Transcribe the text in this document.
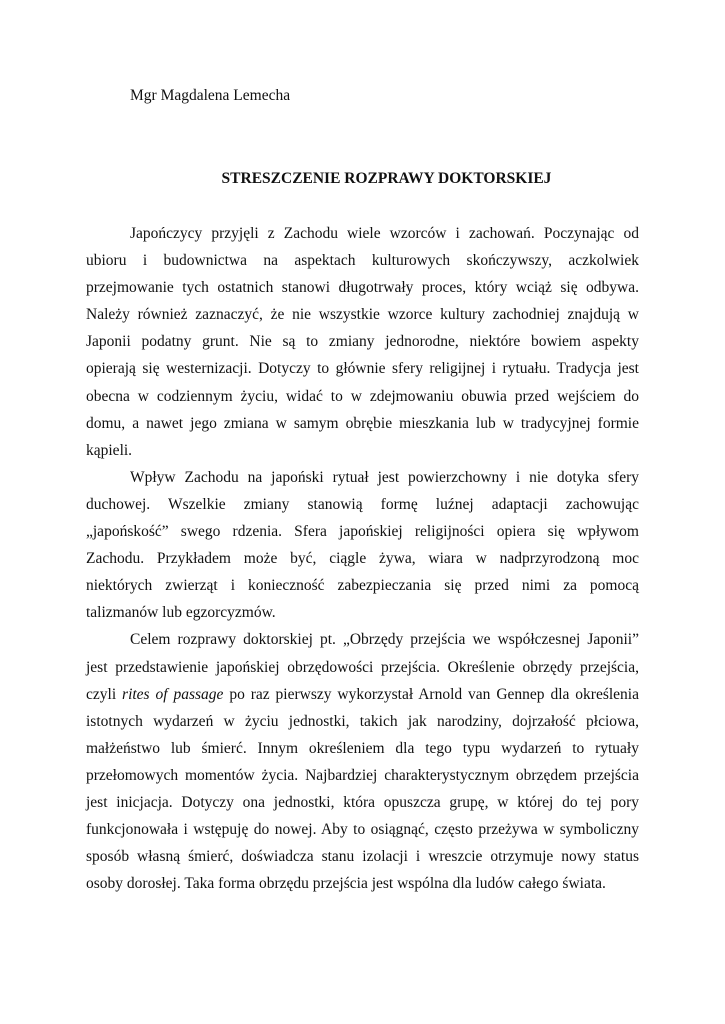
Mgr Magdalena Lemecha

STRESZCZENIE ROZPRAWY DOKTORSKIEJ

Japończycy przyjęli z Zachodu wiele wzorców i zachowań. Poczynając od
ubioru i budownictwa na aspektach kulturowych skończywszy, aczkolwiek
przejmowanie tych ostatnich stanowi długotrwały proces, który wciąż się odbywa.
Należy również zaznaczyć, że nie wszystkie wzorce kultury zachodniej znajdują w
Japonii podatny grunt. Nie są to zmiany jednorodne, niektóre bowiem aspekty
opierają się westernizacji. Dotyczy to głównie sfery religijnej i rytuału. Tradycja jest
obecna w codziennym życiu, widać to w zdejmowaniu obuwia przed wejściem do
domu, a nawet jego zmiana w samym obrębie mieszkania lub w tradycyjnej formie
kąpieli.

Wpływ Zachodu na japoński rytuał jest powierzchowny i nie dotyka sfery
duchowej. Wszelkie zmiany stanowią formę luźnej adaptacji zachowując
„japońskość” swego rdzenia. Sfera japońskiej religijności opiera się wpływom
Zachodu. Przykładem może być, ciągle żywa, wiara w nadprzyrodzoną moc
niektórych zwierząt i konieczność zabezpieczania się przed nimi za pomocą
talizmanów lub egzorcyzmów.

Celem rozprawy doktorskiej pt. „Obrzędy przejścia we współczesnej Japonii”
jest przedstawienie japońskiej obrzędowości przejścia. Określenie obrzędy przejścia,
czyli rites of passage po raz pierwszy wykorzystał Arnold van Gennep dla określenia
istotnych wydarzeń w życiu jednostki, takich jak narodziny, dojrzałość płciowa,
małżeństwo lub śmierć. Innym określeniem dla tego typu wydarzeń to rytuały
przełomowych momentów życia. Najbardziej charakterystycznym obrzędem przejścia
jest inicjacja. Dotyczy ona jednostki, która opuszcza grupę, w której do tej pory
funkcjonowała i wstępuję do nowej. Aby to osiągnąć, często przeżywa w symboliczny
sposób własną śmierć, doświadcza stanu izolacji i wreszcie otrzymuje nowy status
osoby dorosłej. Taka forma obrzędu przejścia jest wspólna dla ludów całego świata.
